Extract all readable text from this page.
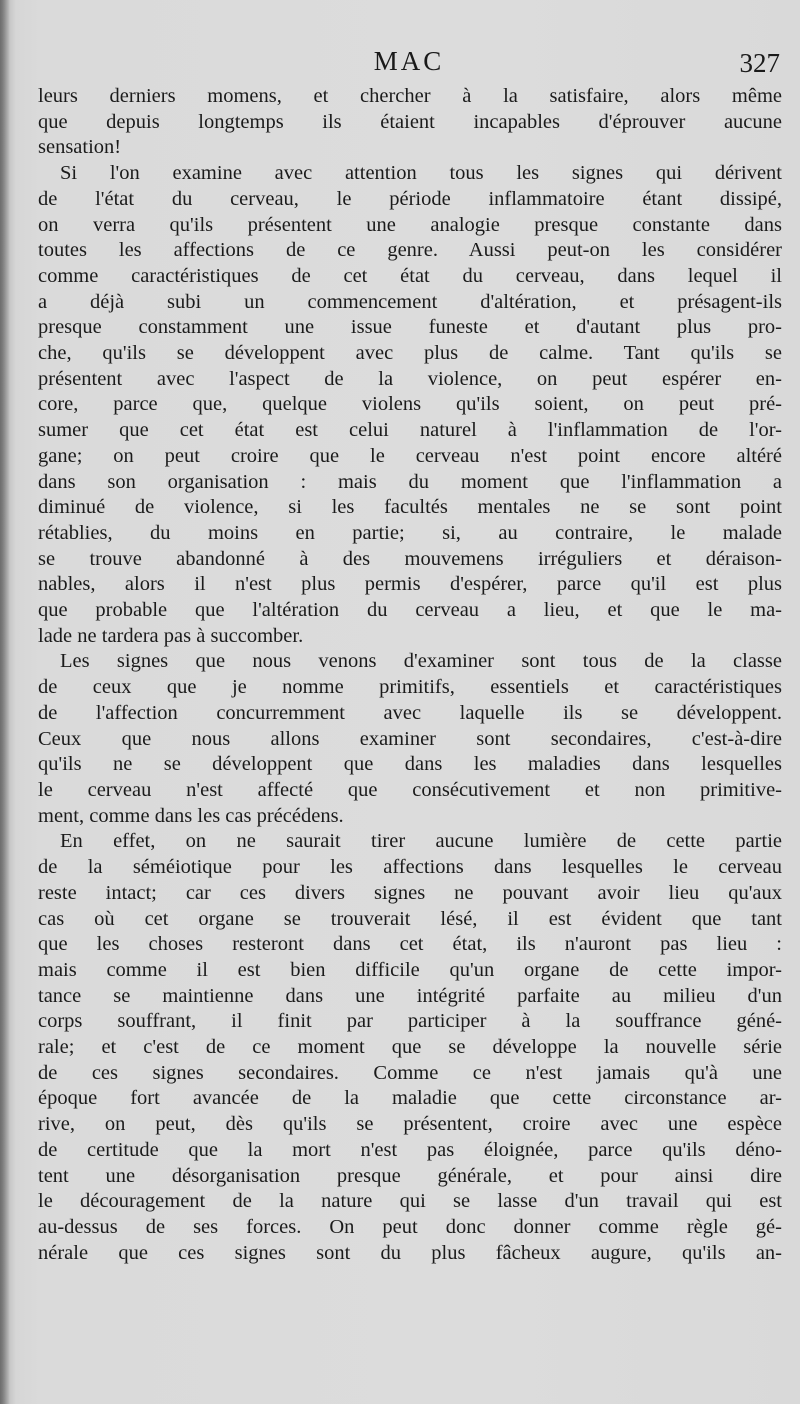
MAC	327

leurs derniers momens, et chercher à la satisfaire, alors même
que depuis longtemps ils étaient incapables d'éprouver aucune
sensation!

Si l'on examine avec attention tous les signes qui dérivent
de l'état du cerveau, le période inflammatoire étant dissipé,
on verra qu'ils présentent une analogie presque constante dans
toutes les affections de ce genre. Aussi peut-on les considérer
comme caractéristiques de cet état du cerveau, dans lequel il
a déjà subi un commencement d'altération, et présagent-ils
presque constamment une issue funeste et d'autant plus pro-
che, qu'ils se développent avec plus de calme. Tant qu'ils se
présentent avec l'aspect de la violence, on peut espérer en-
core, parce que, quelque violens qu'ils soient, on peut pré-
sumer que cet état est celui naturel à l'inflammation de l'or-
gane; on peut croire que le cerveau n'est point encore altéré
dans son organisation : mais du moment que l'inflammation a
diminué de violence, si les facultés mentales ne se sont point
rétablies, du moins en partie; si, au contraire, le malade
se trouve abandonné à des mouvemens irréguliers et déraison-
nables, alors il n'est plus permis d'espérer, parce qu'il est plus
que probable que l'altération du cerveau a lieu, et que le ma-
lade ne tardera pas à succomber.

Les signes que nous venons d'examiner sont tous de la classe
de ceux que je nomme primitifs, essentiels et caractéristiques
de l'affection concurremment avec laquelle ils se développent.
Ceux que nous allons examiner sont secondaires, c'est-à-dire
qu'ils ne se développent que dans les maladies dans lesquelles
le cerveau n'est affecté que consécutivement et non primitive-
ment, comme dans les cas précédens.

En effet, on ne saurait tirer aucune lumière de cette partie
de la séméiotique pour les affections dans lesquelles le cerveau
reste intact; car ces divers signes ne pouvant avoir lieu qu'aux
cas où cet organe se trouverait lésé, il est évident que tant
que les choses resteront dans cet état, ils n'auront pas lieu :
mais comme il est bien difficile qu'un organe de cette impor-
tance se maintienne dans une intégrité parfaite au milieu d'un
corps souffrant, il finit par participer à la souffrance géné-
rale; et c'est de ce moment que se développe la nouvelle série
de ces signes secondaires. Comme ce n'est jamais qu'à une
époque fort avancée de la maladie que cette circonstance ar-
rive, on peut, dès qu'ils se présentent, croire avec une espèce
de certitude que la mort n'est pas éloignée, parce qu'ils déno-
tent une désorganisation presque générale, et pour ainsi dire
le découragement de la nature qui se lasse d'un travail qui est
au-dessus de ses forces. On peut donc donner comme règle gé-
nérale que ces signes sont du plus fâcheux augure, qu'ils an-
